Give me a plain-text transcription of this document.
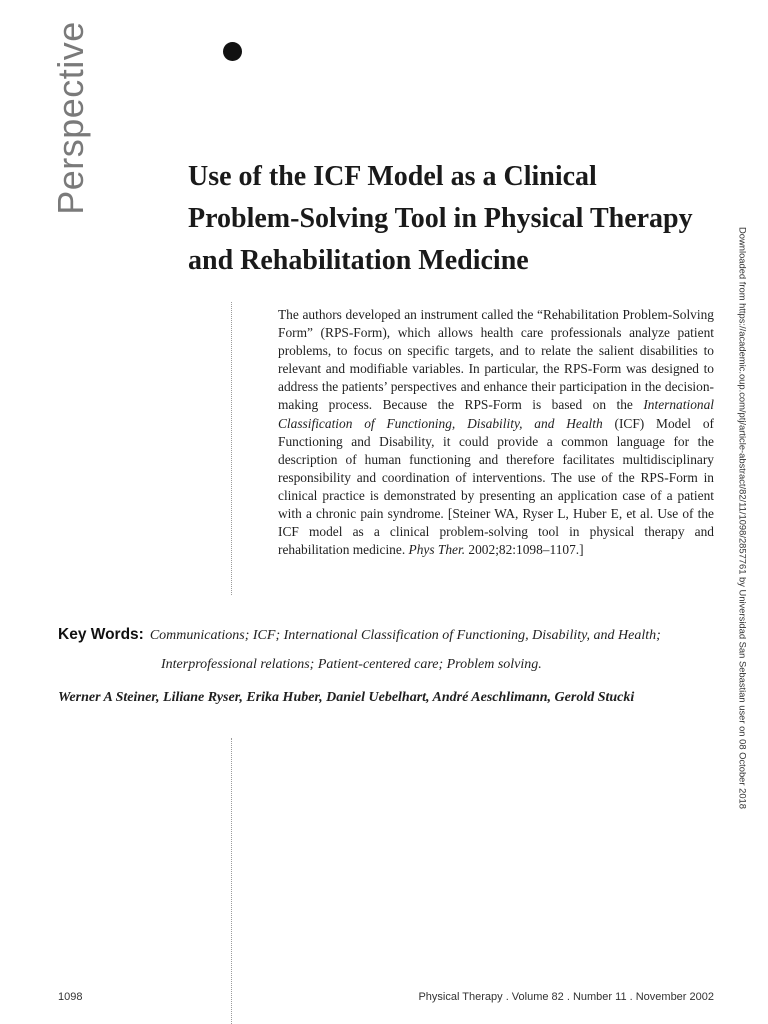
Perspective	Use of the ICF Model as a Clinical Problem-Solving Tool in Physical Therapy and Rehabilitation Medicine

The authors developed an instrument called the “Rehabilitation Problem-Solving Form” (RPS-Form), which allows health care professionals analyze patient problems, to focus on specific targets, and to relate the salient disabilities to relevant and modifiable variables. In particular, the RPS-Form was designed to address the patients’ perspectives and enhance their participation in the decision-making process. Because the RPS-Form is based on the International Classification of Functioning, Disability, and Health (ICF) Model of Functioning and Disability, it could provide a common language for the description of human functioning and therefore facilitates multidisciplinary responsibility and coordination of interventions. The use of the RPS-Form in clinical practice is demonstrated by presenting an application case of a patient with a chronic pain syndrome. [Steiner WA, Ryser L, Huber E, et al. Use of the ICF model as a clinical problem-solving tool in physical therapy and rehabilitation medicine. Phys Ther. 2002;82:1098–1107.]

Key Words: Communications; ICF; International Classification of Functioning, Disability, and Health;
Interprofessional relations; Patient-centered care; Problem solving.

Werner A Steiner, Liliane Ryser, Erika Huber, Daniel Uebelhart, André Aeschlimann, Gerold Stucki	Downloaded from https://academic.oup.com/ptj/article-abstract/82/11/1098/2857761 by Universidad San Sebastian user on 08 October 2018
1098	Physical Therapy . Volume 82 . Number 11 . November 2002
